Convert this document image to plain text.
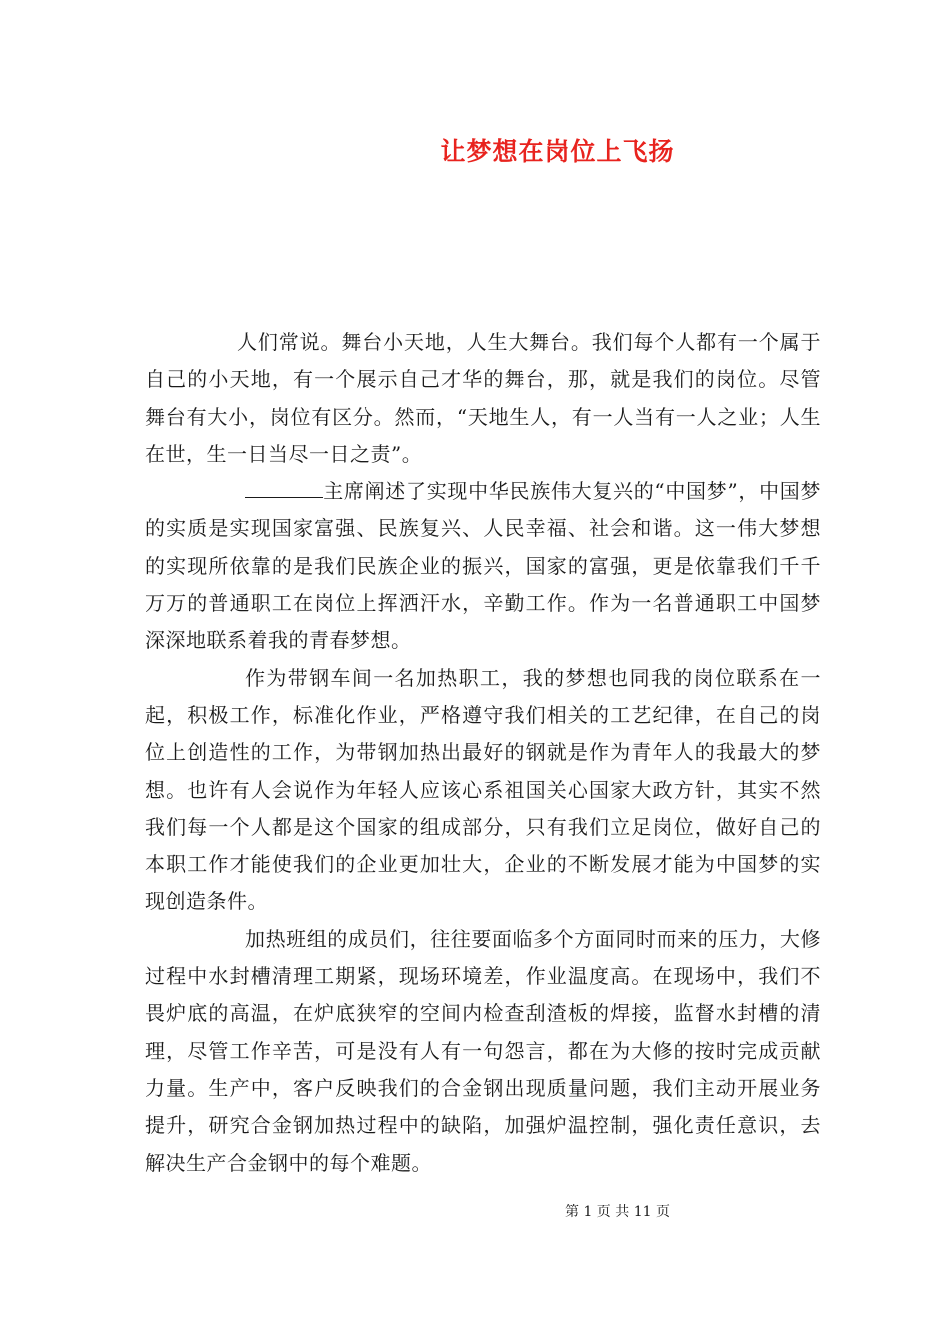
让梦想在岗位上飞扬

人们常说。舞台小天地，人生大舞台。我们每个人都有一个属于自己的小天地，有一个展示自己才华的舞台，那，就是我们的岗位。尽管舞台有大小，岗位有区分。然而，“天地生人，有一人当有一人之业；人生在世，生一日当尽一日之责”。

主席阐述了实现中华民族伟大复兴的“中国梦”，中国梦的实质是实现国家富强、民族复兴、人民幸福、社会和谐。这一伟大梦想的实现所依靠的是我们民族企业的振兴，国家的富强，更是依靠我们千千万万的普通职工在岗位上挥洒汗水，辛勤工作。作为一名普通职工中国梦深深地联系着我的青春梦想。

作为带钢车间一名加热职工，我的梦想也同我的岗位联系在一起，积极工作，标准化作业，严格遵守我们相关的工艺纪律，在自己的岗位上创造性的工作，为带钢加热出最好的钢就是作为青年人的我最大的梦想。也许有人会说作为年轻人应该心系祖国关心国家大政方针，其实不然我们每一个人都是这个国家的组成部分，只有我们立足岗位，做好自己的本职工作才能使我们的企业更加壮大，企业的不断发展才能为中国梦的实现创造条件。

加热班组的成员们，往往要面临多个方面同时而来的压力，大修过程中水封槽清理工期紧，现场环境差，作业温度高。在现场中，我们不畏炉底的高温，在炉底狭窄的空间内检查刮渣板的焊接，监督水封槽的清理，尽管工作辛苦，可是没有人有一句怨言，都在为大修的按时完成贡献力量。生产中，客户反映我们的合金钢出现质量问题，我们主动开展业务提升，研究合金钢加热过程中的缺陷，加强炉温控制，强化责任意识，去解决生产合金钢中的每个难题。

第 1 页 共 11 页
